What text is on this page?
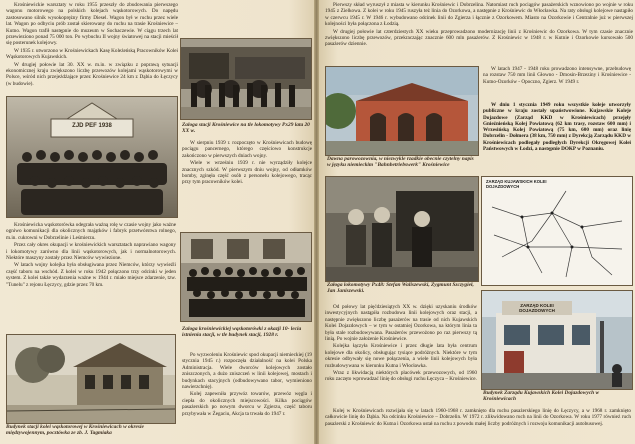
Krośniewickie warsztaty w roku 1955 przeszły do zbudowania pierwszego wagonu motorowego na polskich kolejach wąskotorowych. Do napędu zastosowano silnik wysokoprężny firmy Diesel. Wagon był w ruchu przez wiele lat. Wagon po odbyciu prób został skierowany do ruchu na trasie Krośniewice – Kutno. Wagon trafił następnie do muzeum w Sochaczewie. W ciągu trzech lat przewieziono ponad 75 000 ton. Po wybuchu II wojny światowej na stacji mieścił się posterunek kolejowy.

W 1935 r. utworzono w Krośniewickach Kasę Koleżeńską Pracowników Kolei Wąskotorowych Kujawskich.

W drugiej połowie lat 30. XX w. m.in. w związku z poprawą sytuacji ekonomicznej kraju zwiększono liczbę przewozów kolejami wąskotorowymi w Polsce, wśród nich przejeżdżające przez Krośniewice 24 km z Dąbia do Łęczycy (w budowie).

ZJD PEF 1938	Zaloga stacji Krośniewice na tle lokomotywy Px29 lata 20 XX w.

W sierpniu 1939 r. rozpoczęto w Krośniewicach budowę pociągu pancernego, którego częściowo konstrukcje zakończono w pierwszych dniach wojny.

Wiele w wrześniu 1939 r. nie wyrządziły kolejce znacznych szkód. W pierwszym dniu wojny, od odłamków bomby, zginęła część osób z personelu kolejowego, tracąc przy tym pracowników kolei.

Krośniewicka wąskotorówka odegrała ważną rolę w czasie wojny jako ważne ogniwo komunikacji dla okolicznych majątków i fabryk przetwórstwa rolnego, m.in. cukrowni w Dobrzelinie i Leśmierzu.

Przez cały okres okupacji w krośniewickich warsztatach naprawiano wagony i lokomotywy zarówno dla linii wąskotorowych, jak i normalnotorowych. Niektóre maszyny zostały przez Niemców wywiezione.

W latach wojny kolejka była obsługiwana przez Niemców, którzy wywieźli część taboru na wschód. Z kolei w roku 1942 połączono trzy odcinki w jeden system. Z kolei także wydarzenia ważne w 1944 r. miało miejsce zdarzenie, tzw. "Tunelu" z rejonu Łęczycy, gdzie przez 70 km.

Zaloga krośniewickiej wąskotorówki z okazji 10- lecia istnienia stacji, w tle budynek stacji, 1928 r.
Budynek stacji kolei wąskotorowej w Krośniewicach w okresie międzywojennym, pocztówka ze zb. J. Tagmiaka

Po wyzwoleniu Krośniewic spod okupacji niemieckiej (19 stycznia 1945 r.) rozpoczęła działalność na kolei Polska Administracja. Wiele dworców kolejowych zostało zniszczonych, a dużo zniszczeń w linii kolejowej, mostach i budynkach stacyjnych (odbudowywano tabor, wymieniono nawierzchnię).

Kolej zapewniła przywóz towarów, przewóz węgla i ciepła do okolicznych miejscowości. Kilka pociągów pasażerskich po nowym dworcu w Zgierzu, część taboru przybywała w Żegaciu, Akcja ta trwała do 1947 r.

Pierwszy skład wyruszył z miasta w kierunku Krośniewic i Dobrzelina. Natomiast ruch pociągów pasażerskich wznowiono po wojnie w roku 1945 z Zielkowa. Z kolei w roku 1945 ruszyła też linia do Ozorkowa, a następnie z Krośniewic do Włocławka. Na raty obsługi kolejowe nastąpiło w czerwcu 1945 r. W 1946 r. wybudowano odcinek linii do Zgierza i łącznie z Ozorkowem. Miasto na Ozorkowie i Centralnie już w pierwszej kolejności była połączona z Łodzią.

W drugiej połowie lat czterdziestych XX wieku przeprowadzono modernizację linii z Krośniewic do Ozorkowa. W tym czasie znacznie zwiększono liczbę przewozów, przekraczając znacznie 600 mln pasażerów. Z Krośniewic w 1948 r. w Kutnie i Ozorkowie kursowało 500 pasażerów dziennie.

Dawna parowozownia, w niezwykle rzadkie obecnie czytelny napis w języku niemieckim "Bahnbetriebswerk" Krośniewice

W latach 1947 - 1948 roku prowadzono intensywne, przebudowę na rozstaw 750 mm linii Głowno - Dmosin-Brzeziny i Krośniewice - Kutno-Ozorków - Opoczno, Zgierz. W 1949 r.

W dniu 1 stycznia 1949 roku wszystkie koleje utworzyły publiczne w kraju zostały upaństwowione. Kujawskie Koleje Dojazdowe (Zarząd KKD w Krośniewicach) przejęły Gnieźnieńską Kolej Powiatową (62 km trasy, rozstaw 600 mm) i Wrzesińską Kolej Powiatową (75 km, 600 mm) oraz linię Dobrzelin - Dołmera (38 km, 750 mm) z Dyrekcją Zarządu KKD w Krośniewicach podlegały podległych Dyrekcji Okręgowej Kolei Państwowych w Łodzi, a następnie DOKP w Poznaniu.

Załoga lokomotywy Px48: Stefan Waliszewski, Zygmunt Szczygieł, Jan Janiszewski.
ZARZĄD KUJAWSKICH KOLEI DOJAZDOWYCH

Od połowy lat pięćdziesiątych XX w. dzięki uzyskaniu środków inwestycyjnych nastąpiła rozbudowa linii kolejowych oraz stacji, a następnie zwiększono liczbę pasażerów na trasie od nich Kujawskich Kolei Dojazdowych – w tym w ostatniej Ozorkowa, na którym linia ta była stale rozbudowywana. Pasażerów przewożono po raz pierwszy tą linią. Po wojnie założenie Krośniewice.

Kolejka łączyła Krośniewice i przez długie lata była centrum kolejowe dla okolicy, obsługując tysiące podróżnych. Niektóre w tym okresie odbywały się nowe połączenia, a wiele linii kolejowych była rozbudowywana w kierunku Kutna i Włocławka.

Wraz z likwidacją niektórych placówek przewozowych, od 1960 roku zaczęto wprowadzać linię do obsługi ruchu Łęczyca – Krośniewice.

ZARZĄD KOLEI DOJAZDOWYCH
Budynek Zarządu Kujawskich Kolei Dojazdowych w Krośniewicach

Kolej w Krośniewicach rozwijała się w latach 1960-1968 r. zamknięto dla ruchu pasażerskiego linię do Łęczycy, a w 1968 r. zamknięto całkowicie linię do Dąbia. Na odcinku Krośniewice – Dobrzelin. W 1972 r. zlikwidowano ruch na linii do Ozorkowa. W roku 1977 również ruch pasażerski z Krośniewic do Kutna i Ozorkowa ustał na ruchu z powodu małej liczby podróżnych i rozwoju komunikacji autobusowej.
